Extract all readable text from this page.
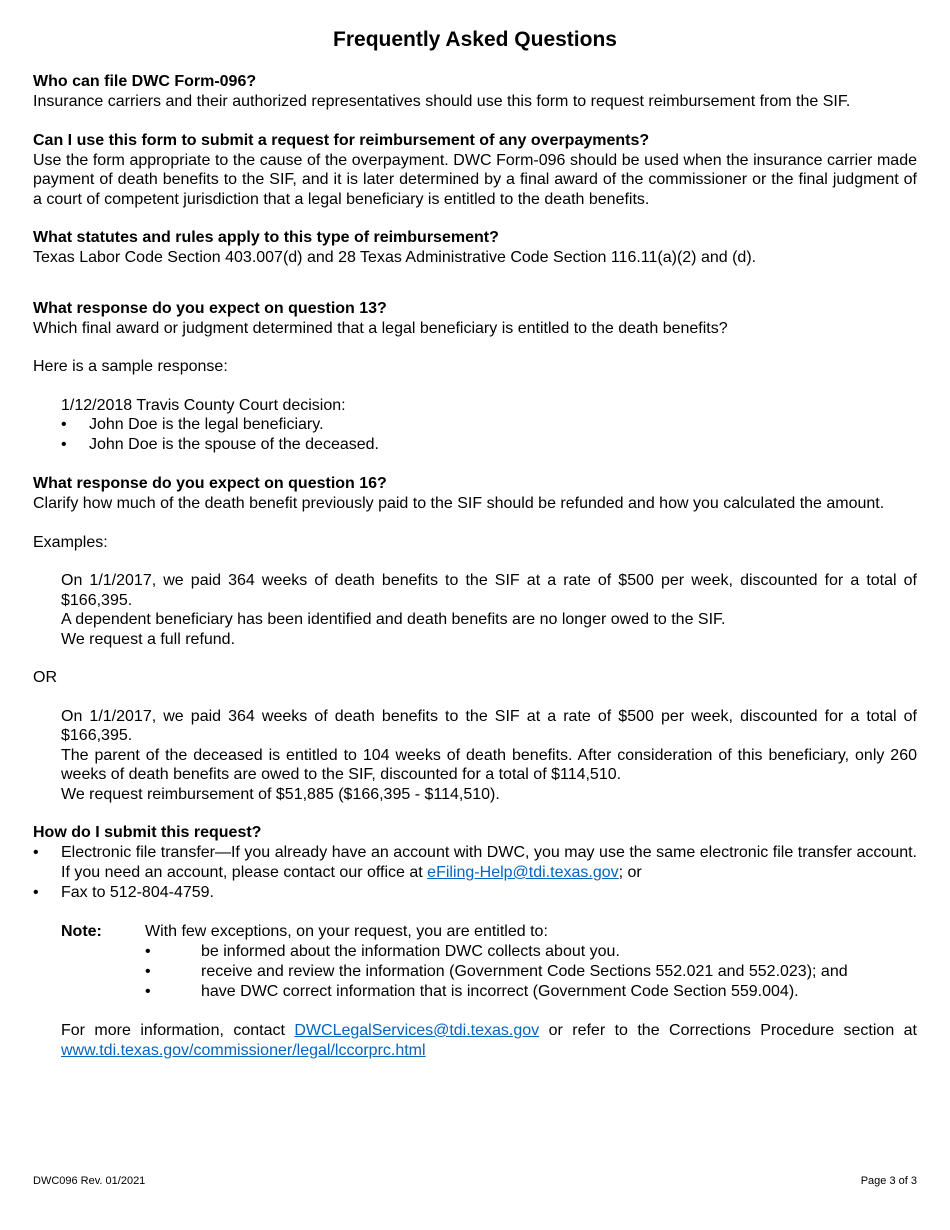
Frequently Asked Questions

Who can file DWC Form-096?

Insurance carriers and their authorized representatives should use this form to request reimbursement from the SIF.

Can I use this form to submit a request for reimbursement of any overpayments?

Use the form appropriate to the cause of the overpayment. DWC Form-096 should be used when the insurance carrier made payment of death benefits to the SIF, and it is later determined by a final award of the commissioner or the final judgment of a court of competent jurisdiction that a legal beneficiary is entitled to the death benefits.

What statutes and rules apply to this type of reimbursement?

Texas Labor Code Section 403.007(d) and 28 Texas Administrative Code Section 116.11(a)(2) and (d).

What response do you expect on question 13?

Which final award or judgment determined that a legal beneficiary is entitled to the death benefits?

Here is a sample response:

1/12/2018 Travis County Court decision:

• John Doe is the legal beneficiary.
• John Doe is the spouse of the deceased.

What response do you expect on question 16?

Clarify how much of the death benefit previously paid to the SIF should be refunded and how you calculated the amount.

Examples:

On 1/1/2017, we paid 364 weeks of death benefits to the SIF at a rate of $500 per week, discounted for a total of $166,395.

A dependent beneficiary has been identified and death benefits are no longer owed to the SIF.

We request a full refund.

OR

On 1/1/2017, we paid 364 weeks of death benefits to the SIF at a rate of $500 per week, discounted for a total of $166,395.

The parent of the deceased is entitled to 104 weeks of death benefits. After consideration of this beneficiary, only 260 weeks of death benefits are owed to the SIF, discounted for a total of $114,510.

We request reimbursement of $51,885 ($166,395 - $114,510).

How do I submit this request?

• Electronic file transfer—If you already have an account with DWC, you may use the same electronic file transfer account. If you need an account, please contact our office at eFiling-Help@tdi.texas.gov; or
• Fax to 512-804-4759.
Note:	With few exceptions, on your request, you are entitled to:
• be informed about the information DWC collects about you.
• receive and review the information (Government Code Sections 552.021 and 552.023); and
• have DWC correct information that is incorrect (Government Code Section 559.004).

For more information, contact DWCLegalServices@tdi.texas.gov or refer to the Corrections Procedure section at www.tdi.texas.gov/commissioner/legal/lccorprc.html

DWC096 Rev. 01/2021	Page 3 of 3
